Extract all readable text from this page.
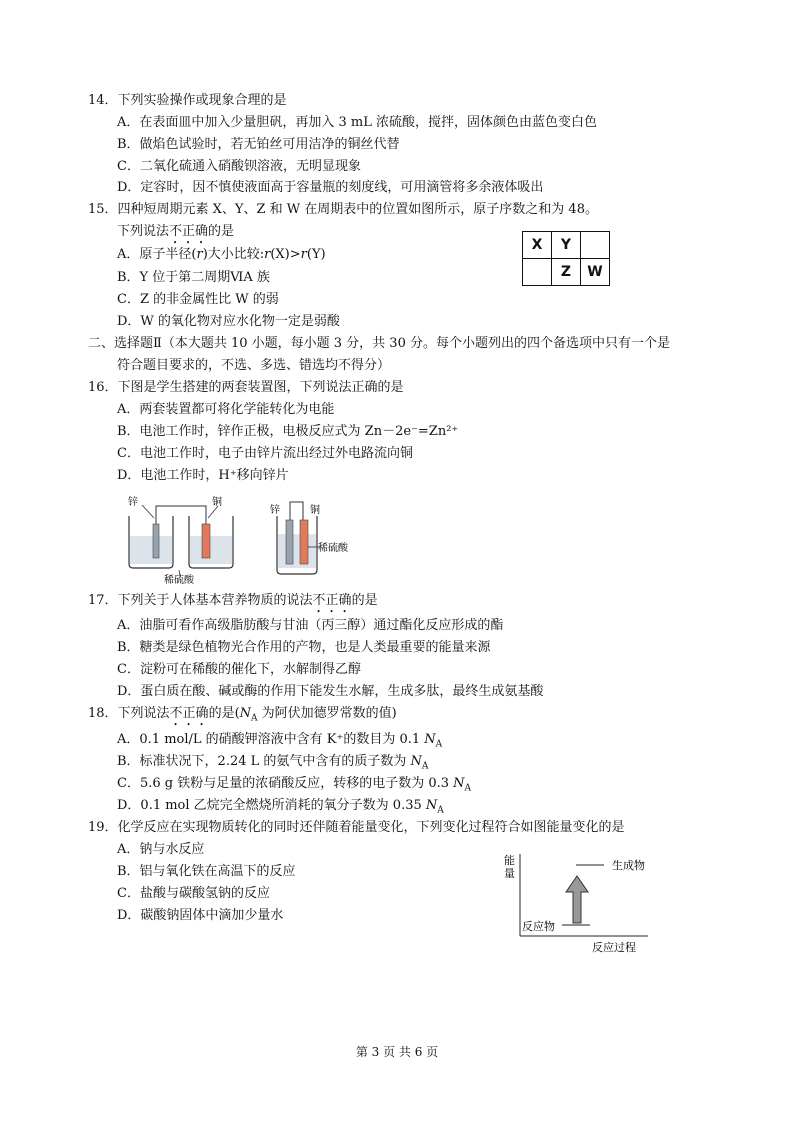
14．下列实验操作或现象合理的是
A．在表面皿中加入少量胆矾，再加入 3 mL 浓硫酸，搅拌，固体颜色由蓝色变白色
B．做焰色试验时，若无铂丝可用洁净的铜丝代替
C．二氧化硫通入硝酸钡溶液，无明显现象
D．定容时，因不慎使液面高于容量瓶的刻度线，可用滴管将多余液体吸出
15．四种短周期元素 X、Y、Z 和 W 在周期表中的位置如图所示，原子序数之和为 48。
下列说法不正确的是
A．原子半径(r)大小比较:r(X)>r(Y)
B．Y 位于第二周期ⅥA 族
C．Z 的非金属性比 W 的弱
D．W 的氧化物对应水化物一定是弱酸
X	Y	
	Z	W
二、选择题Ⅱ（本大题共 10 小题，每小题 3 分，共 30 分。每个小题列出的四个备选项中只有一个是
符合题目要求的，不选、多选、错选均不得分）
16．下图是学生搭建的两套装置图，下列说法正确的是
A．两套装置都可将化学能转化为电能
B．电池工作时，锌作正极，电极反应式为 Zn－2e⁻=Zn²⁺
C．电池工作时，电子由锌片流出经过外电路流向铜
D．电池工作时，H⁺移向锌片
锌	铜
稀硫酸
锌	铜
稀硫酸
17．下列关于人体基本营养物质的说法不正确的是
A．油脂可看作高级脂肪酸与甘油（丙三醇）通过酯化反应形成的酯
B．糖类是绿色植物光合作用的产物，也是人类最重要的能量来源
C．淀粉可在稀酸的催化下，水解制得乙醇
D．蛋白质在酸、碱或酶的作用下能发生水解，生成多肽，最终生成氨基酸
18．下列说法不正确的是($N_A$ 为阿伏加德罗常数的值)
A．0.1 mol/L 的硝酸钾溶液中含有 K⁺的数目为 0.1 $N_A$
B．标准状况下，2.24 L 的氨气中含有的质子数为 $N_A$
C．5.6 g 铁粉与足量的浓硝酸反应，转移的电子数为 0.3 $N_A$
D．0.1 mol 乙烷完全燃烧所消耗的氧分子数为 0.35 $N_A$
19．化学反应在实现物质转化的同时还伴随着能量变化，下列变化过程符合如图能量变化的是
A．钠与水反应
B．铝与氧化铁在高温下的反应
C．盐酸与碳酸氢钠的反应
D．碳酸钠固体中滴加少量水
能
量
生成物
反应物
反应过程
第 3 页 共 6 页
